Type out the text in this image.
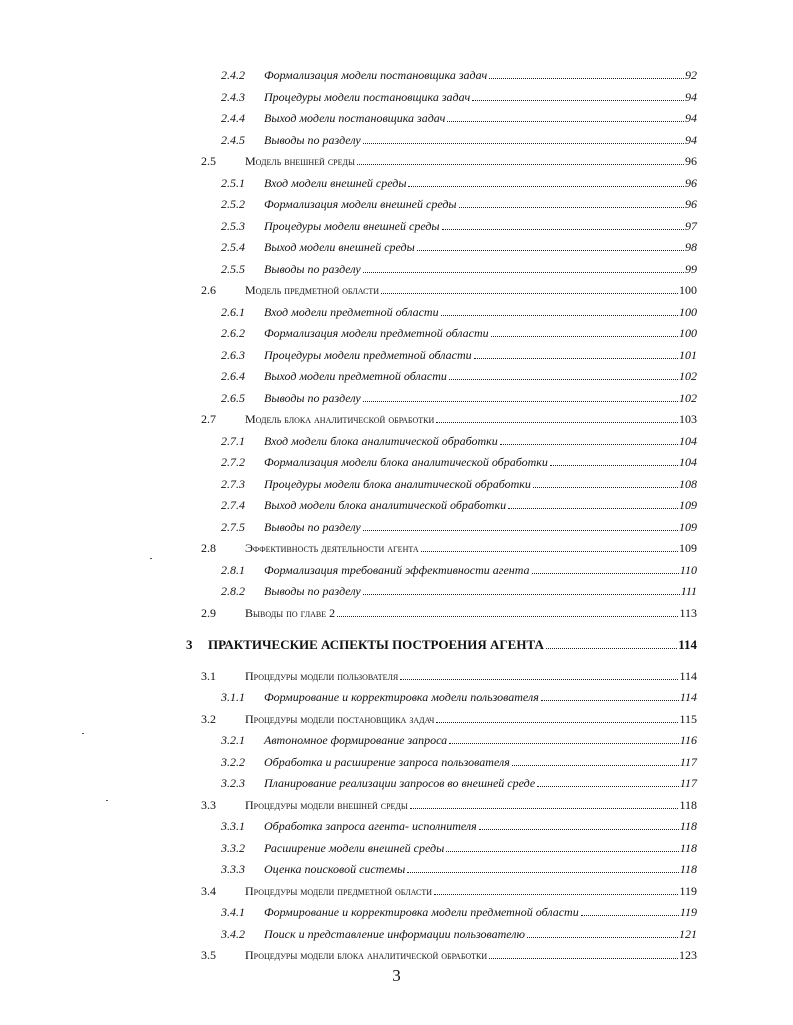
2.4.2 Формализация модели постановщика задач	92
2.4.3 Процедуры модели постановщика задач	94
2.4.4 Выход модели постановщика задач	94
2.4.5 Выводы по разделу	94
2.5 Модель внешней среды	96
2.5.1 Вход модели внешней среды	96
2.5.2 Формализация модели внешней среды	96
2.5.3 Процедуры модели внешней среды	97
2.5.4 Выход модели внешней среды	98
2.5.5 Выводы по разделу	99
2.6 Модель предметной области	100
2.6.1 Вход модели предметной области	100
2.6.2 Формализация модели предметной области	100
2.6.3 Процедуры модели предметной области	101
2.6.4 Выход модели предметной области	102
2.6.5 Выводы по разделу	102
2.7 Модель блока аналитической обработки	103
2.7.1 Вход модели блока аналитической обработки	104
2.7.2 Формализация модели блока аналитической обработки	104
2.7.3 Процедуры модели блока аналитической обработки	108
2.7.4 Выход модели блока аналитической обработки	109
2.7.5 Выводы по разделу	109
2.8 Эффективность деятельности агента	109
2.8.1 Формализация требований эффективности агента	110
2.8.2 Выводы по разделу	111
2.9 Выводы по главе 2	113
3 ПРАКТИЧЕСКИЕ АСПЕКТЫ ПОСТРОЕНИЯ АГЕНТА	114
3.1 Процедуры модели пользователя	114
3.1.1 Формирование и корректировка модели пользователя	114
3.2 Процедуры модели постановщика задач	115
3.2.1 Автономное формирование запроса	116
3.2.2 Обработка и расширение запроса пользователя	117
3.2.3 Планирование реализации запросов во внешней среде	117
3.3 Процедуры модели внешней среды	118
3.3.1 Обработка запроса агента- исполнителя	118
3.3.2 Расширение модели внешней среды	118
3.3.3 Оценка поисковой системы	118
3.4 Процедуры модели предметной области	119
3.4.1 Формирование и корректировка модели предметной области	119
3.4.2 Поиск и представление информации пользователю	121
3.5 Процедуры модели блока аналитической обработки	123
3
